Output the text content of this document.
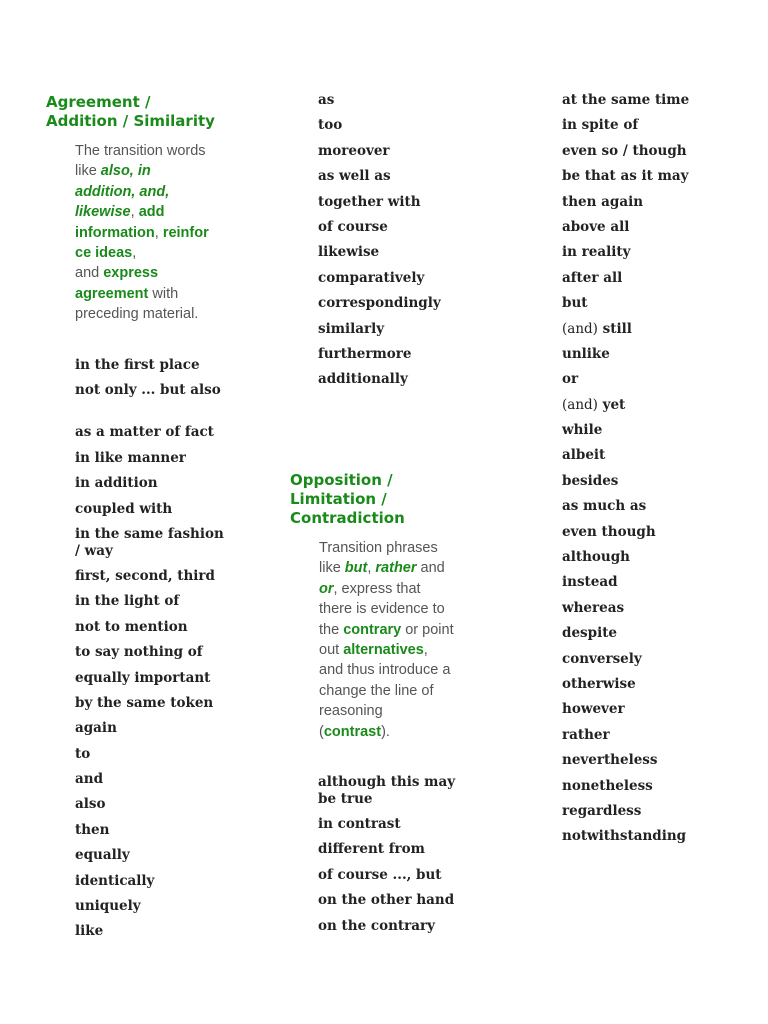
Agreement /
Addition / Similarity
The transition words
like also, in
addition, and,
likewise, add
information, reinfor
ce ideas,
and express
agreement with
preceding material.
in the first place
not only ... but also
as a matter of fact
in like manner
in addition
coupled with
in the same fashion / way
first, second, third
in the light of
not to mention
to say nothing of
equally important
by the same token
again
to
and
also
then
equally
identically
uniquely
like
as
too
moreover
as well as
together with
of course
likewise
comparatively
correspondingly
similarly
furthermore
additionally
Opposition /
Limitation /
Contradiction
Transition phrases
like but, rather and
or, express that
there is evidence to
the contrary or point
out alternatives,
and thus introduce a
change the line of
reasoning
(contrast).
although this may be true
in contrast
different from
of course ..., but
on the other hand
on the contrary
at the same time
in spite of
even so / though
be that as it may
then again
above all
in reality
after all
but
(and) still
unlike
or
(and) yet
while
albeit
besides
as much as
even though
although
instead
whereas
despite
conversely
otherwise
however
rather
nevertheless
nonetheless
regardless
notwithstanding
